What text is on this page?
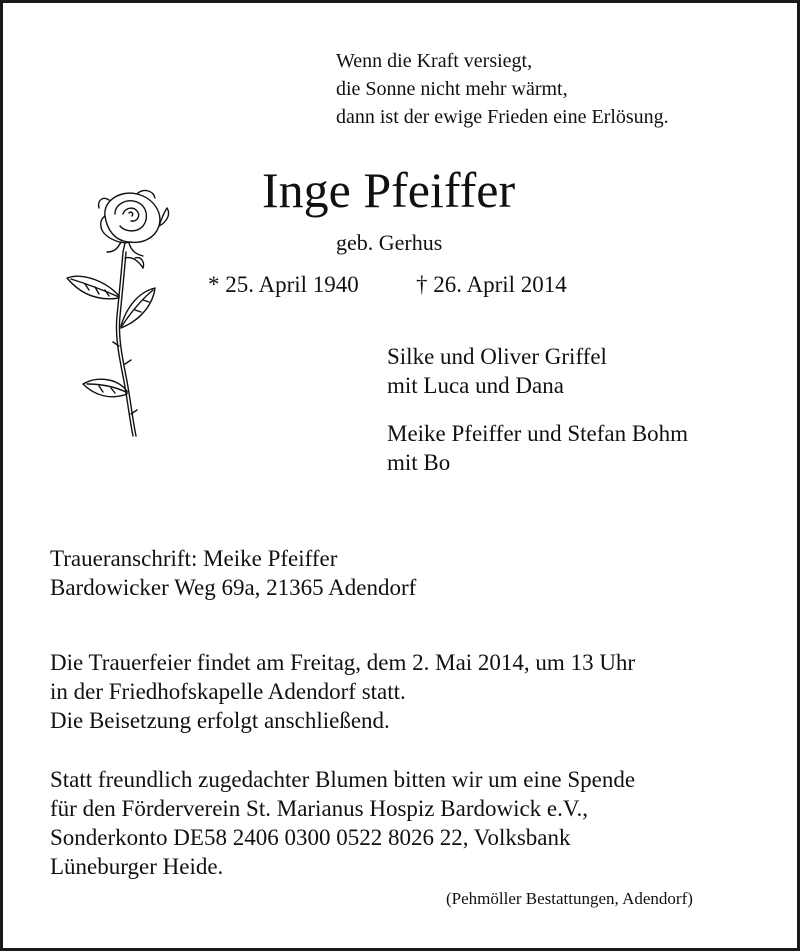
Wenn die Kraft versiegt,
die Sonne nicht mehr wärmt,
dann ist der ewige Frieden eine Erlösung.
Inge Pfeiffer
geb. Gerhus
* 25. April 1940 † 26. April 2014
Silke und Oliver Griffel
mit Luca und Dana
Meike Pfeiffer und Stefan Bohm
mit Bo
Traueranschrift: Meike Pfeiffer
Bardowicker Weg 69a, 21365 Adendorf
Die Trauerfeier findet am Freitag, dem 2. Mai 2014, um 13 Uhr
in der Friedhofskapelle Adendorf statt.
Die Beisetzung erfolgt anschließend.
Statt freundlich zugedachter Blumen bitten wir um eine Spende
für den Förderverein St. Marianus Hospiz Bardowick e.V.,
Sonderkonto DE58 2406 0300 0522 8026 22, Volksbank
Lüneburger Heide.
(Pehmöller Bestattungen, Adendorf)
